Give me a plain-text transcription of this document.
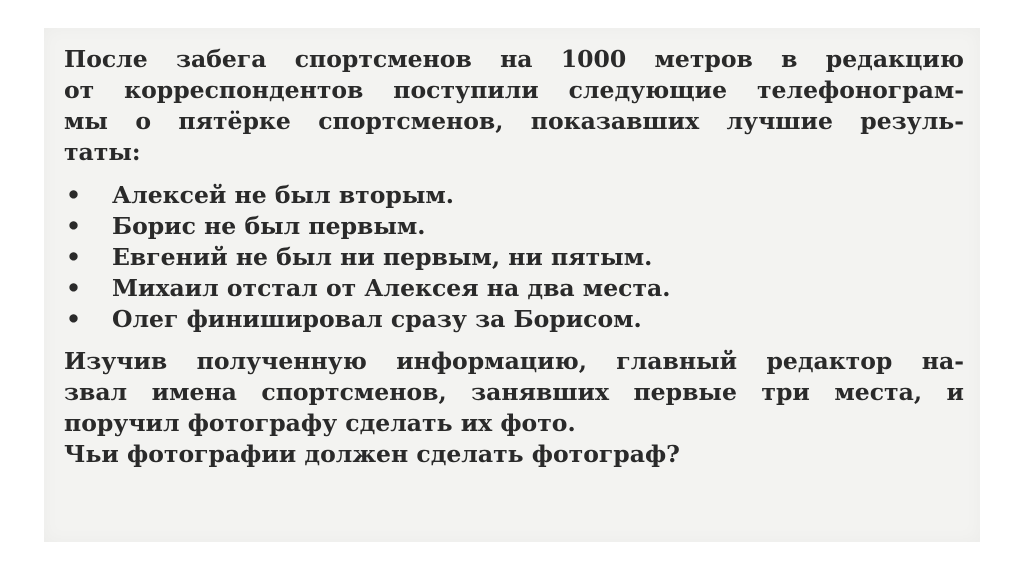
После забега спортсменов на 1000 метров в редакцию
от корреспондентов поступили следующие телефонограм-
мы о пятёрке спортсменов, показавших лучшие резуль-
таты:
• Алексей не был вторым.
• Борис не был первым.
• Евгений не был ни первым, ни пятым.
• Михаил отстал от Алексея на два места.
• Олег финишировал сразу за Борисом.
Изучив полученную информацию, главный редактор на-
звал имена спортсменов, занявших первые три места, и
поручил фотографу сделать их фото.
Чьи фотографии должен сделать фотограф?
